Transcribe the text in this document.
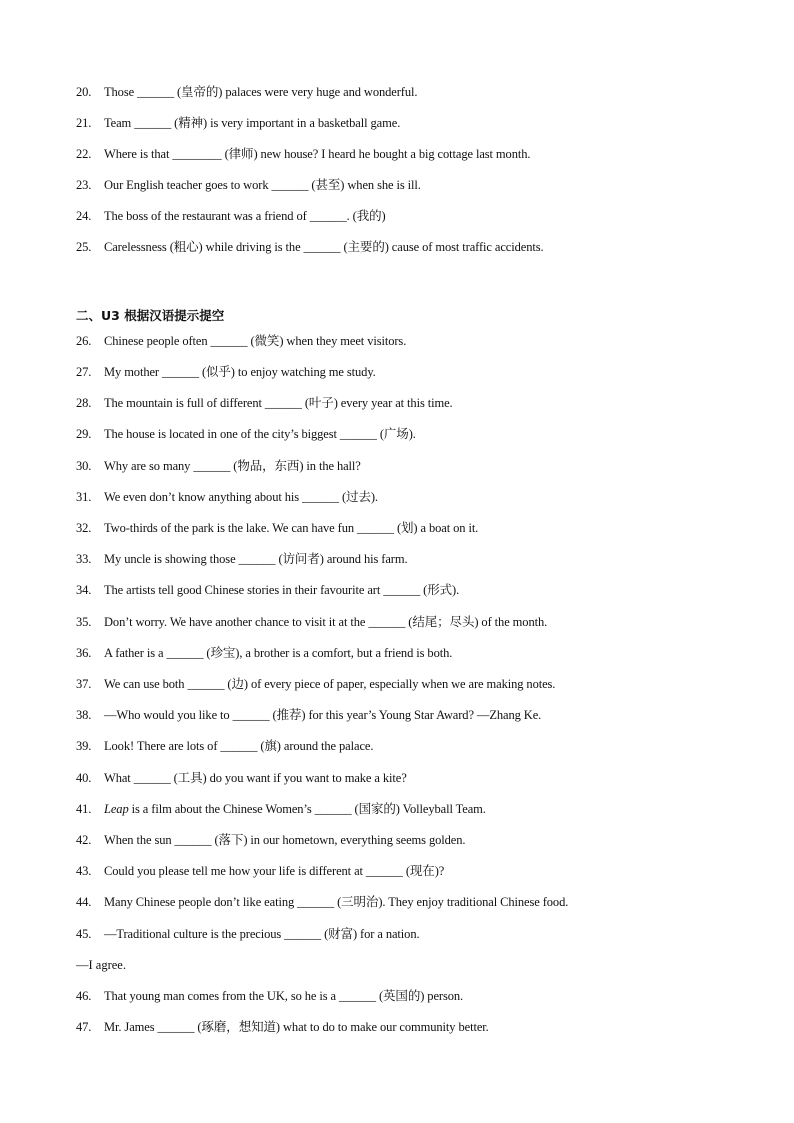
20. Those ______ (皇帝的) palaces were very huge and wonderful.
21. Team ______ (精神) is very important in a basketball game.
22. Where is that ________ (律师) new house? I heard he bought a big cottage last month.
23. Our English teacher goes to work ______ (甚至) when she is ill.
24. The boss of the restaurant was a friend of ______. (我的)
25. Carelessness (粗心) while driving is the ______ (主要的) cause of most traffic accidents.
二、U3 根据汉语提示提空
26. Chinese people often ______ (微笑) when they meet visitors.
27. My mother ______ (似乎) to enjoy watching me study.
28. The mountain is full of different ______ (叶子) every year at this time.
29. The house is located in one of the city’s biggest ______ (广场).
30. Why are so many ______ (物品，东西) in the hall?
31. We even don’t know anything about his ______ (过去).
32. Two-thirds of the park is the lake. We can have fun ______ (划) a boat on it.
33. My uncle is showing those ______ (访问者) around his farm.
34. The artists tell good Chinese stories in their favourite art ______ (形式).
35. Don’t worry. We have another chance to visit it at the ______ (结尾；尽头) of the month.
36. A father is a ______ (珍宝), a brother is a comfort, but a friend is both.
37. We can use both ______ (边) of every piece of paper, especially when we are making notes.
38. —Who would you like to ______ (推荐) for this year’s Young Star Award? —Zhang Ke.
39. Look! There are lots of ______ (旗) around the palace.
40. What ______ (工具) do you want if you want to make a kite?
41. Leap is a film about the Chinese Women’s ______ (国家的) Volleyball Team.
42. When the sun ______ (落下) in our hometown, everything seems golden.
43. Could you please tell me how your life is different at ______ (现在)?
44. Many Chinese people don’t like eating ______ (三明治). They enjoy traditional Chinese food.
45. —Traditional culture is the precious ______ (财富) for a nation.
—I agree.
46. That young man comes from the UK, so he is a ______ (英国的) person.
47. Mr. James ______ (琢磨，想知道) what to do to make our community better.
